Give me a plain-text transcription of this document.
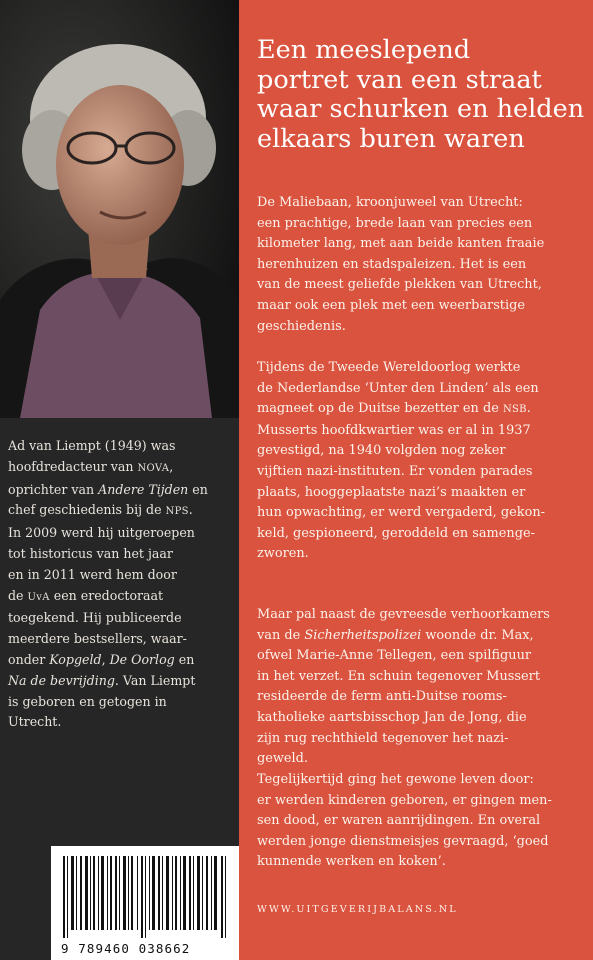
Ad van Liempt (1949) was
hoofdredacteur van NOVA,
oprichter van Andere Tijden en
chef geschiedenis bij de NPS.
In 2009 werd hij uitgeroepen
tot historicus van het jaar
en in 2011 werd hem door
de UvA een eredoctoraat
toegekend. Hij publiceerde
meerdere bestsellers, waar-
onder Kopgeld, De Oorlog en
Na de bevrijding. Van Liempt
is geboren en getogen in
Utrecht.
9 789460 038662
Een meeslepend
portret van een straat
waar schurken en helden
elkaars buren waren
De Maliebaan, kroonjuweel van Utrecht:
een prachtige, brede laan van precies een
kilometer lang, met aan beide kanten fraaie
herenhuizen en stadspaleizen. Het is een
van de meest geliefde plekken van Utrecht,
maar ook een plek met een weerbarstige
geschiedenis.
Tijdens de Tweede Wereldoorlog werkte
de Nederlandse ‘Unter den Linden’ als een
magneet op de Duitse bezetter en de NSB.
Musserts hoofdkwartier was er al in 1937
gevestigd, na 1940 volgden nog zeker
vijftien nazi-instituten. Er vonden parades
plaats, hooggeplaatste nazi’s maakten er
hun opwachting, er werd vergaderd, gekon-
keld, gespioneerd, geroddeld en samenge-
zworen.
Maar pal naast de gevreesde verhoorkamers
van de Sicherheitspolizei woonde dr. Max,
ofwel Marie-Anne Tellegen, een spilfiguur
in het verzet. En schuin tegenover Mussert
resideerde de ferm anti-Duitse rooms-
katholieke aartsbisschop Jan de Jong, die
zijn rug rechthield tegenover het nazi-
geweld.
Tegelijkertijd ging het gewone leven door:
er werden kinderen geboren, er gingen men-
sen dood, er waren aanrijdingen. En overal
werden jonge dienstmeisjes gevraagd, ‘goed
kunnende werken en koken’.
WWW.UITGEVERIJBALANS.NL
